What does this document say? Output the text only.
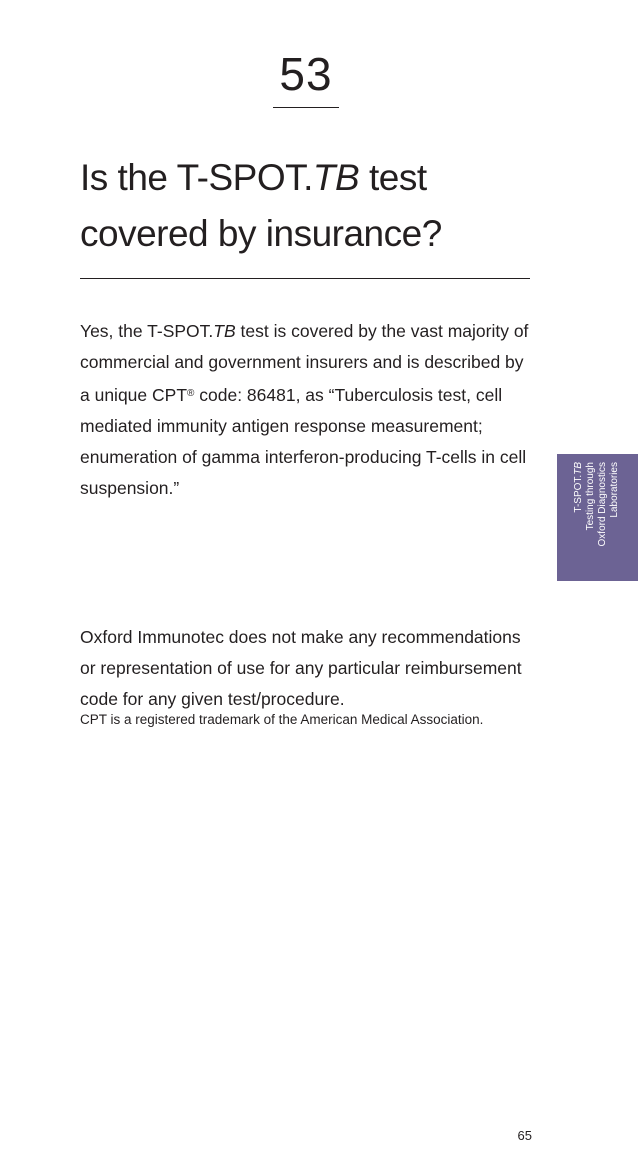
53
Is the T-SPOT.TB test
covered by insurance?

Yes, the T-SPOT.TB test is covered by the vast majority of commercial and government insurers and is described by a unique CPT® code: 86481, as “Tuberculosis test, cell mediated immunity antigen response measurement; enumeration of gamma interferon-producing T-cells in cell suspension.”

Oxford Immunotec does not make any recommendations or representation of use for any particular reimbursement code for any given test/procedure.

CPT is a registered trademark of the American Medical Association.

T-SPOT.TB Testing through Oxford Diagnostics Laboratories
65
